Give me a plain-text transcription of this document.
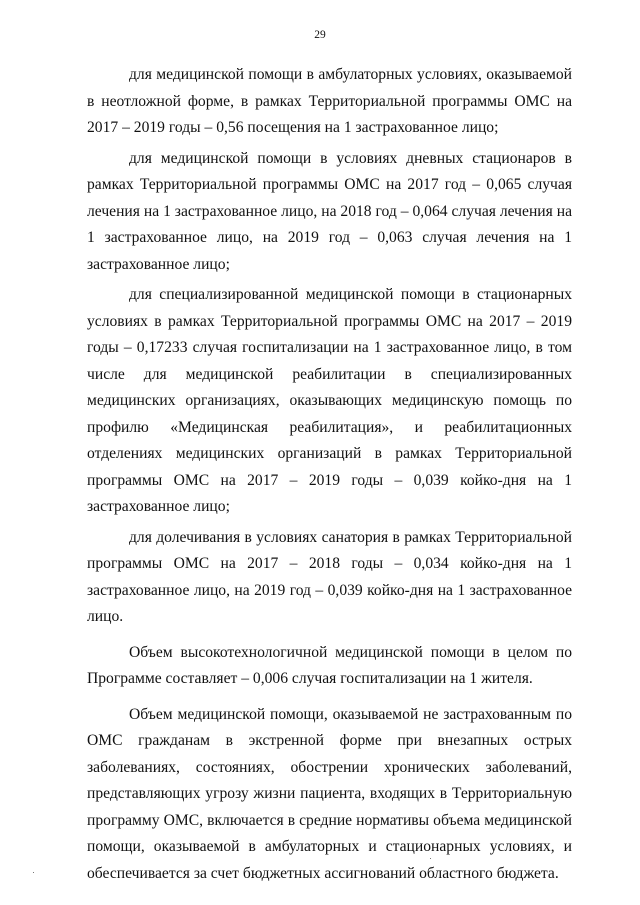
29

для медицинской помощи в амбулаторных условиях, оказываемой в неотложной форме, в рамках Территориальной программы ОМС на 2017 – 2019 годы – 0,56 посещения на 1 застрахованное лицо;

для медицинской помощи в условиях дневных стационаров в рамках Территориальной программы ОМС на 2017 год – 0,065 случая лечения на 1 застрахованное лицо, на 2018 год – 0,064 случая лечения на 1 застрахованное лицо, на 2019 год – 0,063 случая лечения на 1 застрахованное лицо;

для специализированной медицинской помощи в стационарных условиях в рамках Территориальной программы ОМС на 2017 – 2019 годы – 0,17233 случая госпитализации на 1 застрахованное лицо, в том числе для медицинской реабилитации в специализированных медицинских организациях, оказывающих медицинскую помощь по профилю «Медицинская реабилитация», и реабилитационных отделениях медицинских организаций в рамках Территориальной программы ОМС на 2017 – 2019 годы – 0,039 койко-дня на 1 застрахованное лицо;

для долечивания в условиях санатория в рамках Территориальной программы ОМС на 2017 – 2018 годы – 0,034 койко-дня на 1 застрахованное лицо, на 2019 год – 0,039 койко-дня на 1 застрахованное лицо.

Объем высокотехнологичной медицинской помощи в целом по Программе составляет – 0,006 случая госпитализации на 1 жителя.

Объем медицинской помощи, оказываемой не застрахованным по ОМС гражданам в экстренной форме при внезапных острых заболеваниях, состояниях, обострении хронических заболеваний, представляющих угрозу жизни пациента, входящих в Территориальную программу ОМС, включается в средние нормативы объема медицинской помощи, оказываемой в амбулаторных и стационарных условиях, и обеспечивается за счет бюджетных ассигнований областного бюджета.
